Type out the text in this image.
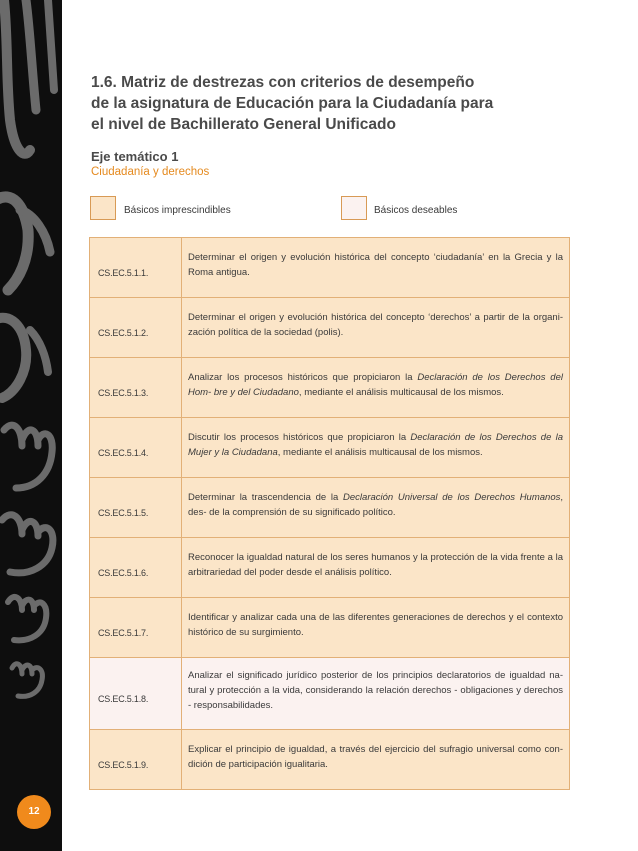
12
1.6. Matriz de destrezas con criterios de desempeño
de la asignatura de Educación para la Ciudadanía para
el nivel de Bachillerato General Unificado
Eje temático 1
Ciudadanía y derechos
Básicos imprescindibles	Básicos deseables
CS.EC.5.1.1.	Determinar el origen y evolución histórica del concepto ‘ciudadanía’ en la Grecia y la Roma antigua.
CS.EC.5.1.2.	Determinar el origen y evolución histórica del concepto ‘derechos’ a partir de la organi- zación política de la sociedad (polis).
CS.EC.5.1.3.	Analizar los procesos históricos que propiciaron la Declaración de los Derechos del Hom- bre y del Ciudadano, mediante el análisis multicausal de los mismos.
CS.EC.5.1.4.	Discutir los procesos históricos que propiciaron la Declaración de los Derechos de la Mujer y la Ciudadana, mediante el análisis multicausal de los mismos.
CS.EC.5.1.5.	Determinar la trascendencia de la Declaración Universal de los Derechos Humanos, des- de la comprensión de su significado político.
CS.EC.5.1.6.	Reconocer la igualdad natural de los seres humanos y la protección de la vida frente a la arbitrariedad del poder desde el análisis político.
CS.EC.5.1.7.	Identificar y analizar cada una de las diferentes generaciones de derechos y el contexto histórico de su surgimiento.
CS.EC.5.1.8.	Analizar el significado jurídico posterior de los principios declaratorios de igualdad na- tural y protección a la vida, considerando la relación derechos - obligaciones y derechos - responsabilidades.
CS.EC.5.1.9.	Explicar el principio de igualdad, a través del ejercicio del sufragio universal como con- dición de participación igualitaria.
